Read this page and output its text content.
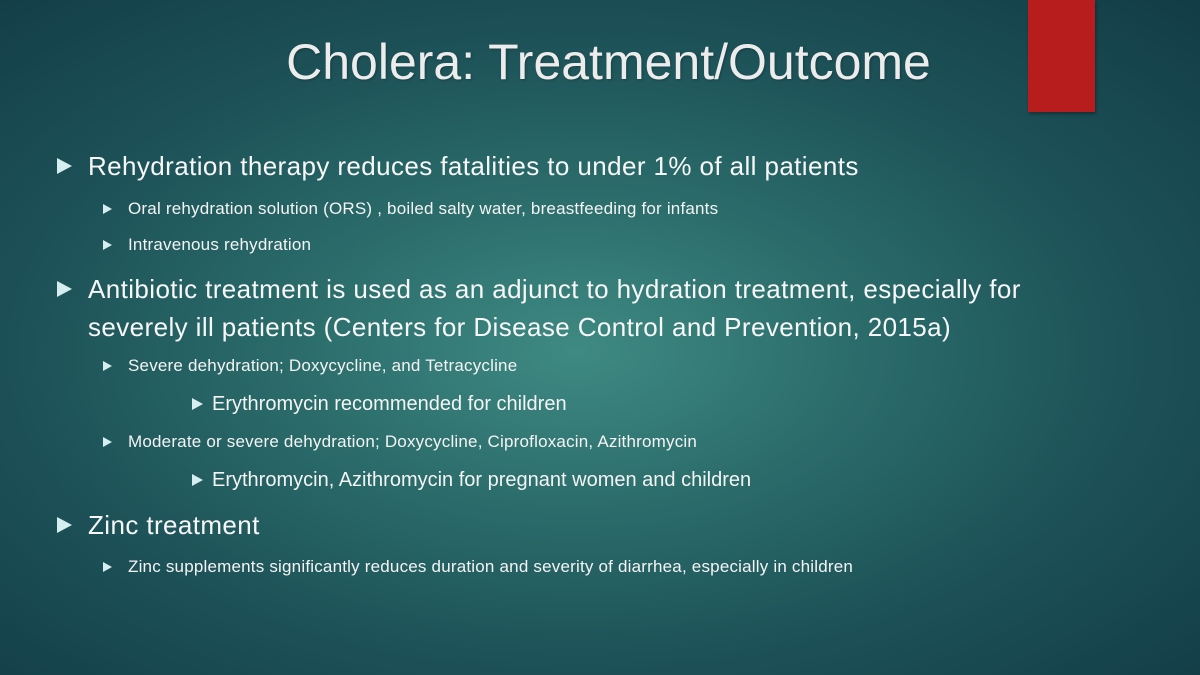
Cholera: Treatment/Outcome
Rehydration therapy reduces fatalities to under 1% of all patients
Oral rehydration solution (ORS) , boiled salty water, breastfeeding for infants
Intravenous rehydration
Antibiotic treatment is used as an adjunct to hydration treatment, especially for
severely ill patients (Centers for Disease Control and Prevention, 2015a)
Severe dehydration; Doxycycline, and Tetracycline
Erythromycin recommended for children
Moderate or severe dehydration; Doxycycline, Ciprofloxacin, Azithromycin
Erythromycin, Azithromycin for pregnant women and children
Zinc treatment
Zinc supplements significantly reduces duration and severity of diarrhea, especially in children
